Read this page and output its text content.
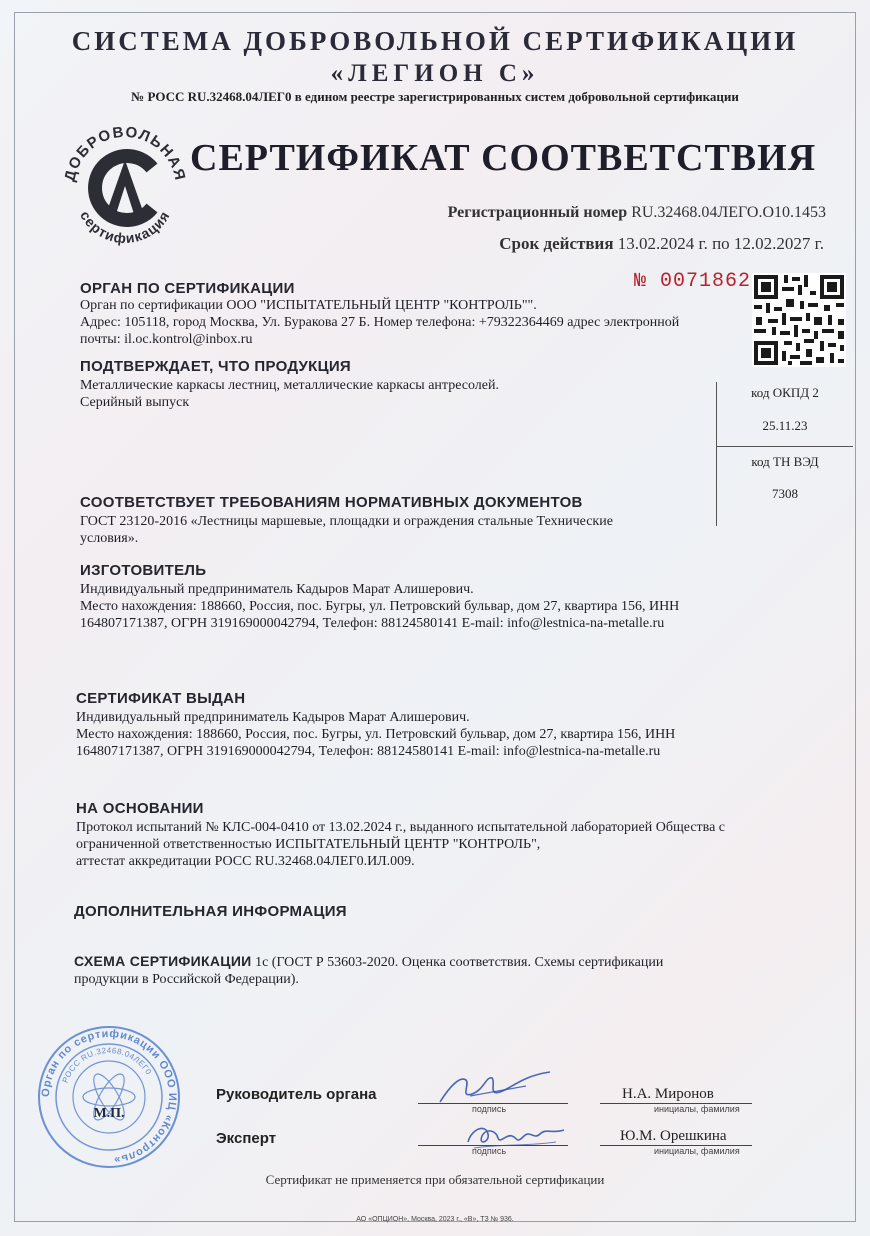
СИСТЕМА ДОБРОВОЛЬНОЙ СЕРТИФИКАЦИИ
«ЛЕГИОН С»
№ РОСС RU.32468.04ЛЕГ0 в едином реестре зарегистрированных систем добровольной сертификации
ДОБРОВОЛЬНАЯ
сертификация
СЕРТИФИКАТ СООТВЕТСТВИЯ
Регистрационный номер RU.32468.04ЛЕГО.О10.1453
Срок действия 13.02.2024 г. по 12.02.2027 г.
№ 0071862
ОРГАН ПО СЕРТИФИКАЦИИ
Орган по сертификации ООО "ИСПЫТАТЕЛЬНЫЙ ЦЕНТР "КОНТРОЛЬ"".
Адрес: 105118, город Москва, Ул. Буракова 27 Б. Номер телефона: +79322364469 адрес электронной
почты: il.oc.kontrol@inbox.ru
ПОДТВЕРЖДАЕТ, ЧТО ПРОДУКЦИЯ
Металлические каркасы лестниц, металлические каркасы антресолей.
Серийный выпуск
код ОКПД 2
25.11.23
код ТН ВЭД
7308
СООТВЕТСТВУЕТ ТРЕБОВАНИЯМ НОРМАТИВНЫХ ДОКУМЕНТОВ
ГОСТ 23120-2016 «Лестницы маршевые, площадки и ограждения стальные Технические
условия».
ИЗГОТОВИТЕЛЬ
Индивидуальный предприниматель Кадыров Марат Алишерович.
Место нахождения: 188660, Россия, пос. Бугры, ул. Петровский бульвар, дом 27, квартира 156, ИНН
164807171387, ОГРН 319169000042794, Телефон: 88124580141 E-mail: info@lestnica-na-metalle.ru
СЕРТИФИКАТ ВЫДАН
Индивидуальный предприниматель Кадыров Марат Алишерович.
Место нахождения: 188660, Россия, пос. Бугры, ул. Петровский бульвар, дом 27, квартира 156, ИНН
164807171387, ОГРН 319169000042794, Телефон: 88124580141 E-mail: info@lestnica-na-metalle.ru
НА ОСНОВАНИИ
Протокол испытаний № КЛС-004-0410 от 13.02.2024 г., выданного испытательной лабораторией Общества с
ограниченной ответственностью ИСПЫТАТЕЛЬНЫЙ ЦЕНТР "КОНТРОЛЬ",
аттестат аккредитации РОСС RU.32468.04ЛЕГ0.ИЛ.009.
ДОПОЛНИТЕЛЬНАЯ ИНФОРМАЦИЯ
СХЕМА СЕРТИФИКАЦИИ 1с (ГОСТ Р 53603-2020. Оценка соответствия. Схемы сертификации
продукции в Российской Федерации).
Орган по сертификации ООО ИЦ «Контроль»
РОСС RU.32468.04ЛЕГ0
М.П.
Руководитель органа
подпись
Н.А. Миронов
инициалы, фамилия
Эксперт
подпись
Ю.М. Орешкина
инициалы, фамилия
Сертификат не применяется при обязательной сертификации
АО «ОПЦИОН», Москва, 2023 г., «В», ТЗ № 936.
